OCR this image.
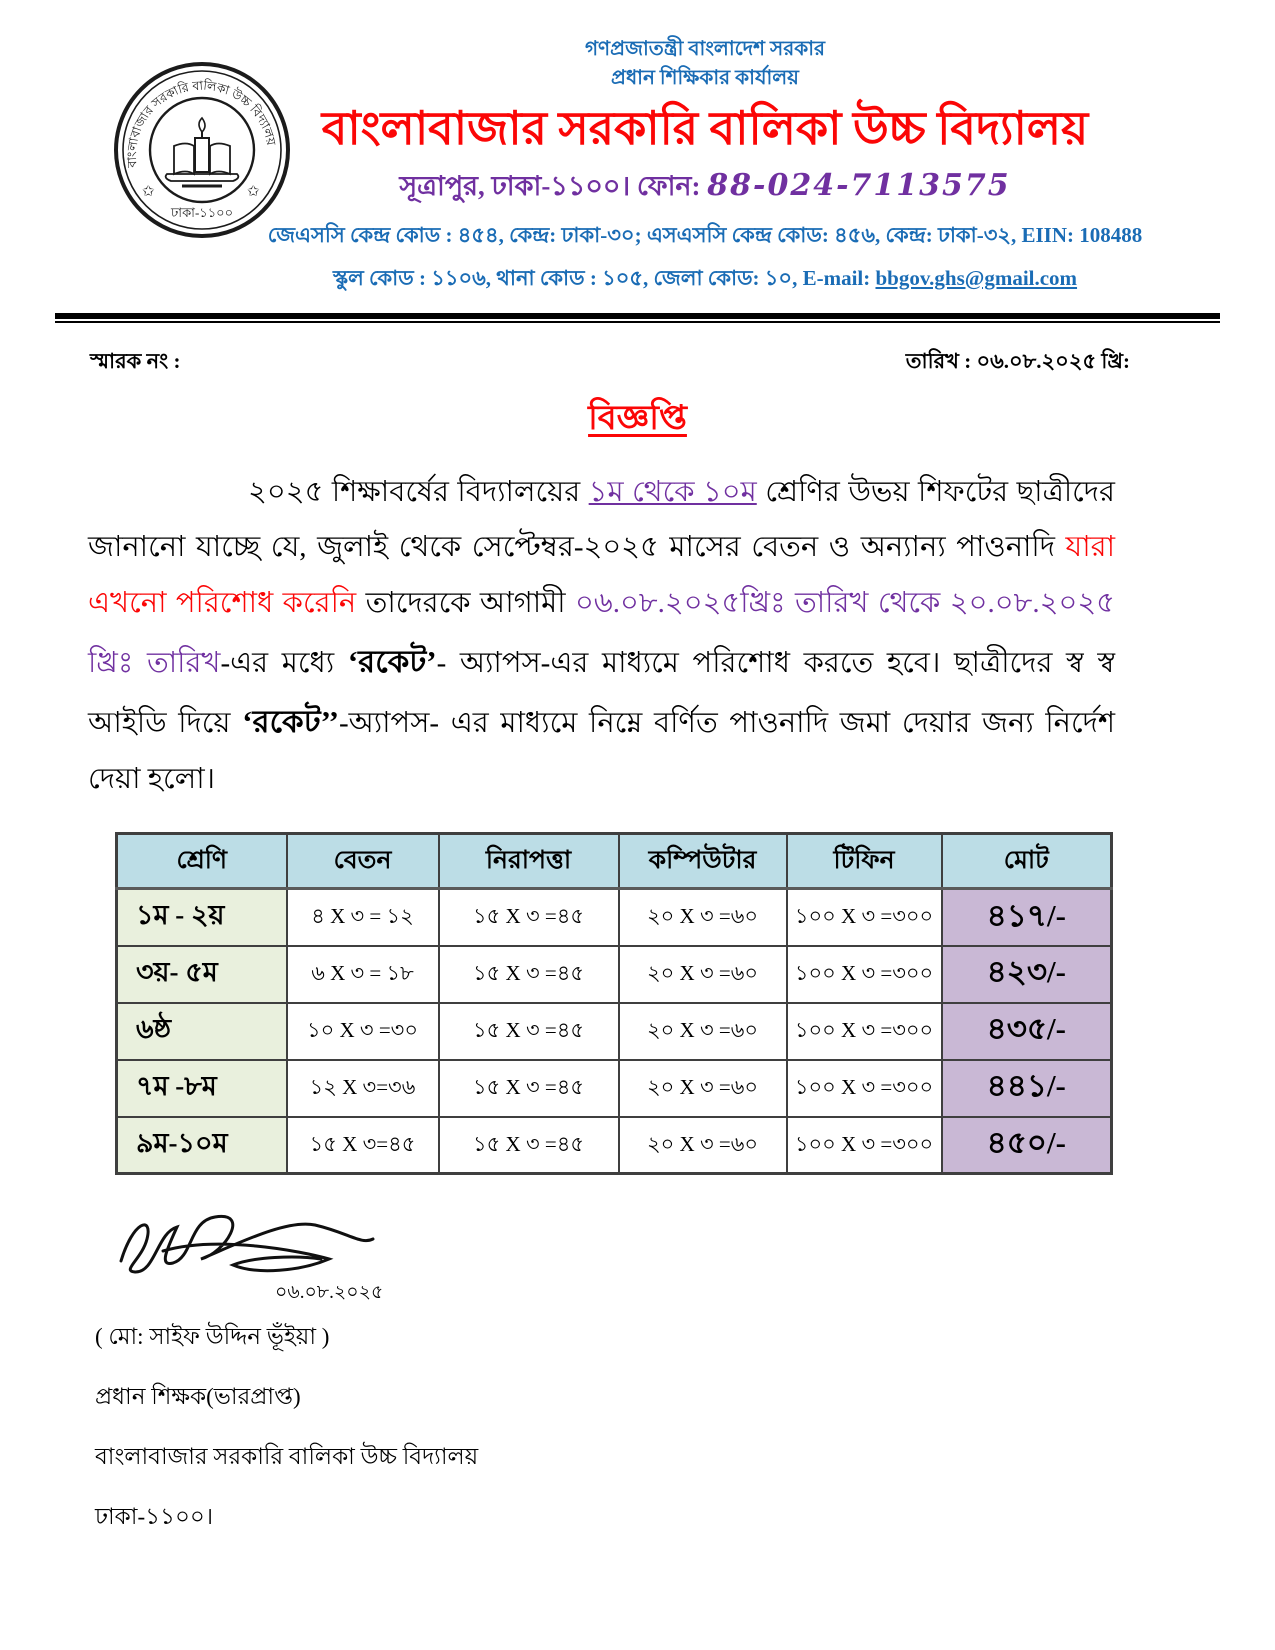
বাংলাবাজার সরকারি বালিকা উচ্চ বিদ্যালয়
✩	✩
ঢাকা-১১০০
গণপ্রজাতন্ত্রী বাংলাদেশ সরকার
প্রধান শিক্ষিকার কার্যালয়
বাংলাবাজার সরকারি বালিকা উচ্চ বিদ্যালয়
সূত্রাপুর, ঢাকা-১১০০। ফোন: 88-024-7113575
জেএসসি কেন্দ্র কোড : ৪৫৪, কেন্দ্র: ঢাকা-৩০; এসএসসি কেন্দ্র কোড: ৪৫৬, কেন্দ্র: ঢাকা-৩২, EIIN: 108488
স্কুল কোড : ১১০৬, থানা কোড : ১০৫, জেলা কোড: ১০, E-mail: bbgov.ghs@gmail.com
স্মারক নং :	তারিখ : ০৬.০৮.২০২৫ খ্রি:
বিজ্ঞপ্তি

২০২৫ শিক্ষাবর্ষের বিদ্যালয়ের ১ম থেকে ১০ম শ্রেণির উভয় শিফটের ছাত্রীদের জানানো যাচ্ছে যে, জুলাই থেকে সেপ্টেম্বর-২০২৫ মাসের বেতন ও অন্যান্য পাওনাদি যারা এখনো পরিশোধ করেনি তাদেরকে আগামী ০৬.০৮.২০২৫খ্রিঃ তারিখ থেকে ২০.০৮.২০২৫ খ্রিঃ তারিখ-এর মধ্যে ‘রকেট’- অ্যাপস-এর মাধ্যমে পরিশোধ করতে হবে। ছাত্রীদের স্ব স্ব আইডি দিয়ে ‘রকেট’’-অ্যাপস- এর মাধ্যমে নিম্নে বর্ণিত পাওনাদি জমা দেয়ার জন্য নির্দেশ দেয়া হলো।

শ্রেণি	বেতন	নিরাপত্তা	কম্পিউটার	টিফিন	মোট
১ম - ২য়	৪ X ৩ = ১২	১৫ X ৩ =৪৫	২০ X ৩ =৬০	১০০ X ৩ =৩০০	৪১৭/-
৩য়- ৫ম	৬ X ৩ = ১৮	১৫ X ৩ =৪৫	২০ X ৩ =৬০	১০০ X ৩ =৩০০	৪২৩/-
৬ষ্ঠ	১০ X ৩ =৩০	১৫ X ৩ =৪৫	২০ X ৩ =৬০	১০০ X ৩ =৩০০	৪৩৫/-
৭ম -৮ম	১২ X ৩=৩৬	১৫ X ৩ =৪৫	২০ X ৩ =৬০	১০০ X ৩ =৩০০	৪৪১/-
৯ম-১০ম	১৫ X ৩=৪৫	১৫ X ৩ =৪৫	২০ X ৩ =৬০	১০০ X ৩ =৩০০	৪৫০/-
০৬.০৮.২০২৫
( মো: সাইফ উদ্দিন ভূঁইয়া )
প্রধান শিক্ষক(ভারপ্রাপ্ত)
বাংলাবাজার সরকারি বালিকা উচ্চ বিদ্যালয়
ঢাকা-১১০০।
